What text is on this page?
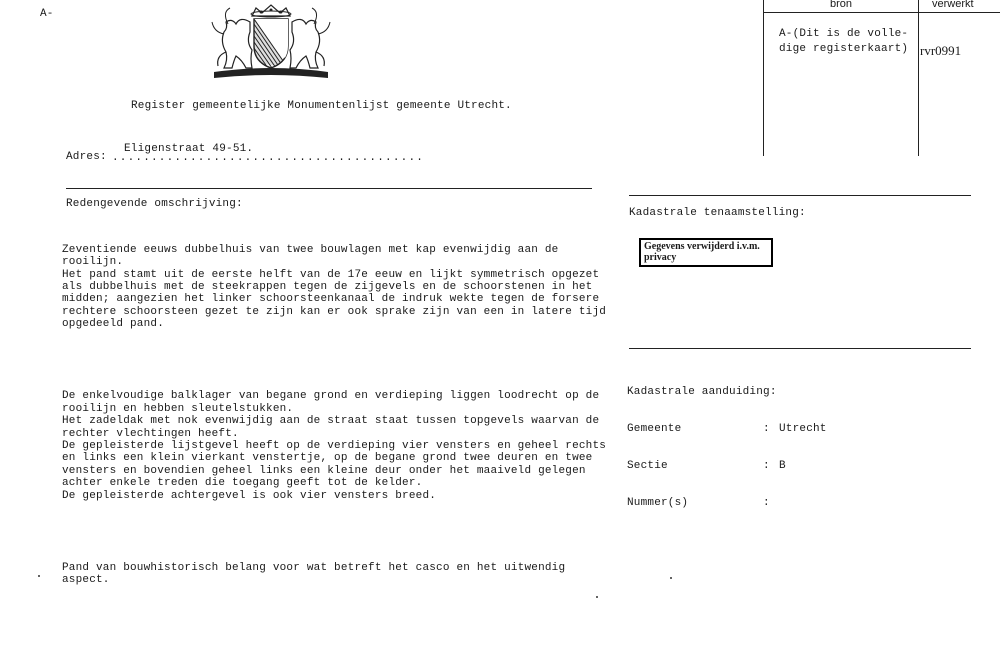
A-
Register gemeentelijke Monumentenlijst gemeente Utrecht.
Eligenstraat 49-51.
Adres: ........................................
bron	verwerkt
A-(Dit is de volle-
dige registerkaart) rvr0991
Redengevende omschrijving:

Zeventiende eeuws dubbelhuis van twee bouwlagen met kap evenwijdig aan de
rooilijn.
Het pand stamt uit de eerste helft van de 17e eeuw en lijkt symmetrisch opgezet
als dubbelhuis met de steekrappen tegen de zijgevels en de schoorstenen in het
midden; aangezien het linker schoorsteenkanaal de indruk wekte tegen de forsere
rechtere schoorsteen gezet te zijn kan er ook sprake zijn van een in latere tijd
opgedeeld pand.

De enkelvoudige balklager van begane grond en verdieping liggen loodrecht op de
rooilijn en hebben sleutelstukken.
Het zadeldak met nok evenwijdig aan de straat staat tussen topgevels waarvan de
rechter vlechtingen heeft.
De gepleisterde lijstgevel heeft op de verdieping vier vensters en geheel rechts
en links een klein vierkant venstertje, op de begane grond twee deuren en twee
vensters en bovendien geheel links een kleine deur onder het maaiveld gelegen
achter enkele treden die toegang geeft tot de kelder.
De gepleisterde achtergevel is ook vier vensters breed.

Pand van bouwhistorisch belang voor wat betreft het casco en het uitwendig
aspect.

Kadastrale tenaamstelling:
Gegevens verwijderd i.v.m.
privacy

Kadastrale aanduiding:

Gemeente	: Utrecht

Sectie	: B

Nummer(s)	:
